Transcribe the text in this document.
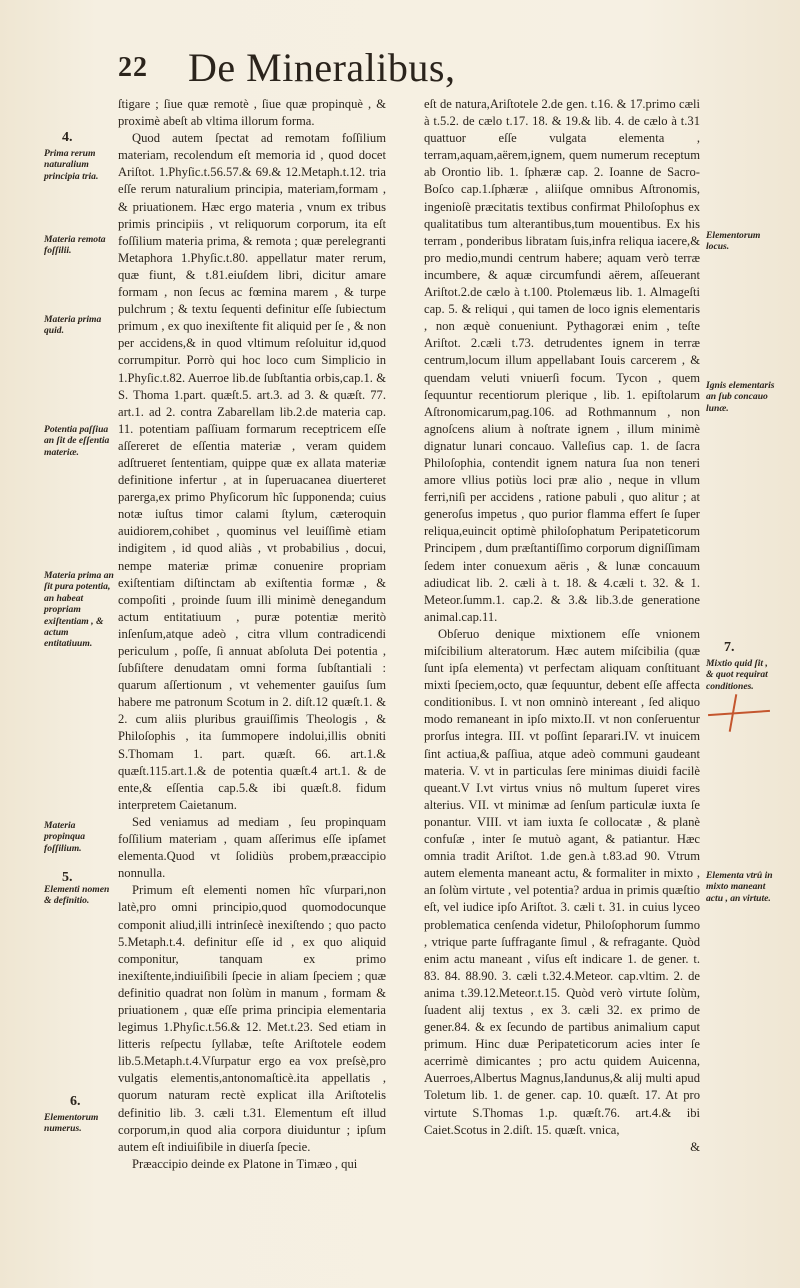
22 De Mineralibus,
4.
Prima rerum naturalium principia tria.
Materia remota foſſilii.
Materia prima quid.
Potentia paſſiua an ſit de eſſentia materiæ.
Materia prima an ſit pura potentia, an habeat propriam exiſtentiam , & actum entitatiuum.
Materia propinqua foſſilium.
5.
Elementi nomen & definitio.
6.
Elementorum numerus.

ſtigare ; ſiue quæ remotè , ſiue quæ propinquè , & proximè abeſt ab vltima illorum forma.

Quod autem ſpectat ad remotam foſſilium materiam, recolendum eſt memoria id , quod docet Ariſtot. 1.Phyſic.t.56.57.& 69.& 12.Metaph.t.12. tria eſſe rerum naturalium principia, materiam,formam , & priuationem. Hæc ergo materia , vnum ex tribus primis principiis , vt reliquorum corporum, ita eſt foſſilium materia prima, & remota ; quæ perelegranti Metaphora 1.Phyſic.t.80. appellatur mater rerum, quæ fiunt, & t.81.eiuſdem libri, dicitur amare formam , non ſecus ac fœmina marem , & turpe pulchrum ; & textu ſequenti definitur eſſe ſubiectum primum , ex quo inexiſtente fit aliquid per ſe , & non per accidens,& in quod vltimum reſoluitur id,quod corrumpitur. Porrò qui hoc loco cum Simplicio in 1.Phyſic.t.82. Auerroe lib.de ſubſtantia orbis,cap.1. & S. Thoma 1.part. quæſt.5. art.3. ad 3. & quæſt. 77. art.1. ad 2. contra Zabarellam lib.2.de materia cap. 11. potentiam paſſiuam formarum receptricem eſſe aſſereret de eſſentia materiæ , veram quidem adſtrueret ſententiam, quippe quæ ex allata materiæ definitione infertur , at in ſuperuacanea diuerteret parerga,ex primo Phyſicorum hîc ſupponenda; cuius notæ iuſtus timor calami ſtylum, cæteroquin auidiorem,cohibet , quominus vel leuiſſimè etiam indigitem , id quod aliàs , vt probabilius , docui, nempe materiæ primæ conuenire propriam exiſtentiam diſtinctam ab exiſtentia formæ , & compoſiti , proinde ſuum illi minimè denegandum actum entitatiuum , puræ potentiæ meritò inſenſum,atque adeò , citra vllum contradicendi periculum , poſſe, ſi annuat abſoluta Dei potentia , ſubſiſtere denudatam omni forma ſubſtantiali : quarum aſſertionum , vt vehementer gauiſus ſum habere me patronum Scotum in 2. diſt.12 quæſt.1. & 2. cum aliis pluribus grauiſſimis Theologis , & Philoſophis , ita ſummopere indolui,illis obniti S.Thomam 1. part. quæſt. 66. art.1.& quæſt.115.art.1.& de potentia quæſt.4 art.1. & de ente,& eſſentia cap.5.& ibi quæſt.8. fidum interpretem Caietanum.

Sed veniamus ad mediam , ſeu propinquam foſſilium materiam , quam aſſerimus eſſe ipſamet elementa.Quod vt ſolidiùs probem,præaccipio nonnulla.

Primum eſt elementi nomen hîc vſurpari,non latè,pro omni principio,quod quomodocunque componit aliud,illi intrinſecè inexiſtendo ; quo pacto 5.Metaph.t.4. definitur eſſe id , ex quo aliquid componitur, tanquam ex primo inexiſtente,indiuiſibili ſpecie in aliam ſpeciem ; quæ definitio quadrat non ſolùm in manum , formam & priuationem , quæ eſſe prima principia elementaria legimus 1.Phyſic.t.56.& 12. Met.t.23. Sed etiam in litteris reſpectu ſyllabæ, teſte Ariſtotele eodem lib.5.Metaph.t.4.Vſurpatur ergo ea vox preſsè,pro vulgatis elementis,antonomaſticè.ita appellatis , quorum naturam rectè explicat illa Ariſtotelis definitio lib. 3. cæli t.31. Elementum eſt illud corporum,in quod alia corpora diuiduntur ; ipſum autem eſt indiuiſibile in diuerſa ſpecie.

Præaccipio deinde ex Platone in Timæo , qui

eſt de natura,Ariſtotele 2.de gen. t.16. & 17.primo cæli à t.5.2. de cælo t.17. 18. & 19.& lib. 4. de cælo à t.31 quattuor eſſe vulgata elementa , terram,aquam,aërem,ignem, quem numerum receptum ab Orontio lib. 1. ſphæræ cap. 2. Ioanne de Sacro-Boſco cap.1.ſphæræ , aliiſque omnibus Aſtronomis, ingenioſè præcitatis textibus confirmat Philoſophus ex qualitatibus tum alterantibus,tum mouentibus. Ex his terram , ponderibus libratam ſuis,infra reliqua iacere,& pro medio,mundi centrum habere; aquam verò terræ incumbere, & aquæ circumfundi aërem, aſſeuerant Ariſtot.2.de cælo à t.100. Ptolemæus lib. 1. Almageſti cap. 5. & reliqui , qui tamen de loco ignis elementaris , non æquè conueniunt. Pythagoræi enim , teſte Ariſtot. 2.cæli t.73. detrudentes ignem in terræ centrum,locum illum appellabant Iouis carcerem , & quendam veluti vniuerſi focum. Tycon , quem ſequuntur recentiorum plerique , lib. 1. epiſtolarum Aſtronomicarum,pag.106. ad Rothmannum , non agnoſcens alium à noſtrate ignem , illum minimè dignatur lunari concauo. Valleſius cap. 1. de ſacra Philoſophia, contendit ignem natura ſua non teneri amore vllius potiùs loci præ alio , neque in vllum ferri,niſi per accidens , ratione pabuli , quo alitur ; at generoſus impetus , quo purior flamma effert ſe ſuper reliqua,euincit optimè philoſophatum Peripateticorum Principem , dum præſtantiſſimo corporum digniſſimam ſedem inter conuexum aëris , & lunæ concauum adiudicat lib. 2. cæli à t. 18. & 4.cæli t. 32. & 1. Meteor.ſumm.1. cap.2. & 3.& lib.3.de generatione animal.cap.11.

Obſeruo denique mixtionem eſſe vnionem miſcibilium alteratorum. Hæc autem miſcibilia (quæ ſunt ipſa elementa) vt perfectam aliquam conſtituant mixti ſpeciem,octo, quæ ſequuntur, debent eſſe affecta conditionibus. I. vt non omninò intereant , ſed aliquo modo remaneant in ipſo mixto.II. vt non conſeruentur prorſus integra. III. vt poſſint ſeparari.IV. vt inuicem ſint actiua,& paſſiua, atque adeò communi gaudeant materia. V. vt in particulas ſere minimas diuidi facilè queant.V I.vt virtus vnius nô multum ſuperet vires alterius. VII. vt minimæ ad ſenſum particulæ iuxta ſe ponantur. VIII. vt iam iuxta ſe collocatæ , & planè confuſæ , inter ſe mutuò agant, & patiantur. Hæc omnia tradit Ariſtot. 1.de gen.à t.83.ad 90. Vtrum autem elementa maneant actu, & formaliter in mixto , an ſolùm virtute , vel potentia? ardua in primis quæſtio eſt, vel iudice ipſo Ariſtot. 3. cæli t. 31. in cuius lyceo problematica cenſenda videtur, Philoſophorum ſummo , vtrique parte ſuffragante ſimul , & refragante. Quòd enim actu maneant , viſus eſt indicare 1. de gener. t. 83. 84. 88.90. 3. cæli t.32.4.Meteor. cap.vltim. 2. de anima t.39.12.Meteor.t.15. Quòd verò virtute ſolùm, ſuadent alij textus , ex 3. cæli 32. ex primo de gener.84. & ex ſecundo de partibus animalium caput primum. Hinc duæ Peripateticorum acies inter ſe acerrimè dimicantes ; pro actu quidem Auicenna, Auerroes,Albertus Magnus,Iandunus,& alij multi apud Toletum lib. 1. de gener. cap. 10. quæſt. 17. At pro virtute S.Thomas 1.p. quæſt.76. art.4.& ibi Caiet.Scotus in 2.diſt. 15. quæſt. vnica,

&
Elementorum locus.
Ignis elementaris an ſub concauo lunæ.
7.
Mixtio quid ſit , & quot requirat conditiones.
Elementa vtrû in mixto maneant actu , an virtute.
